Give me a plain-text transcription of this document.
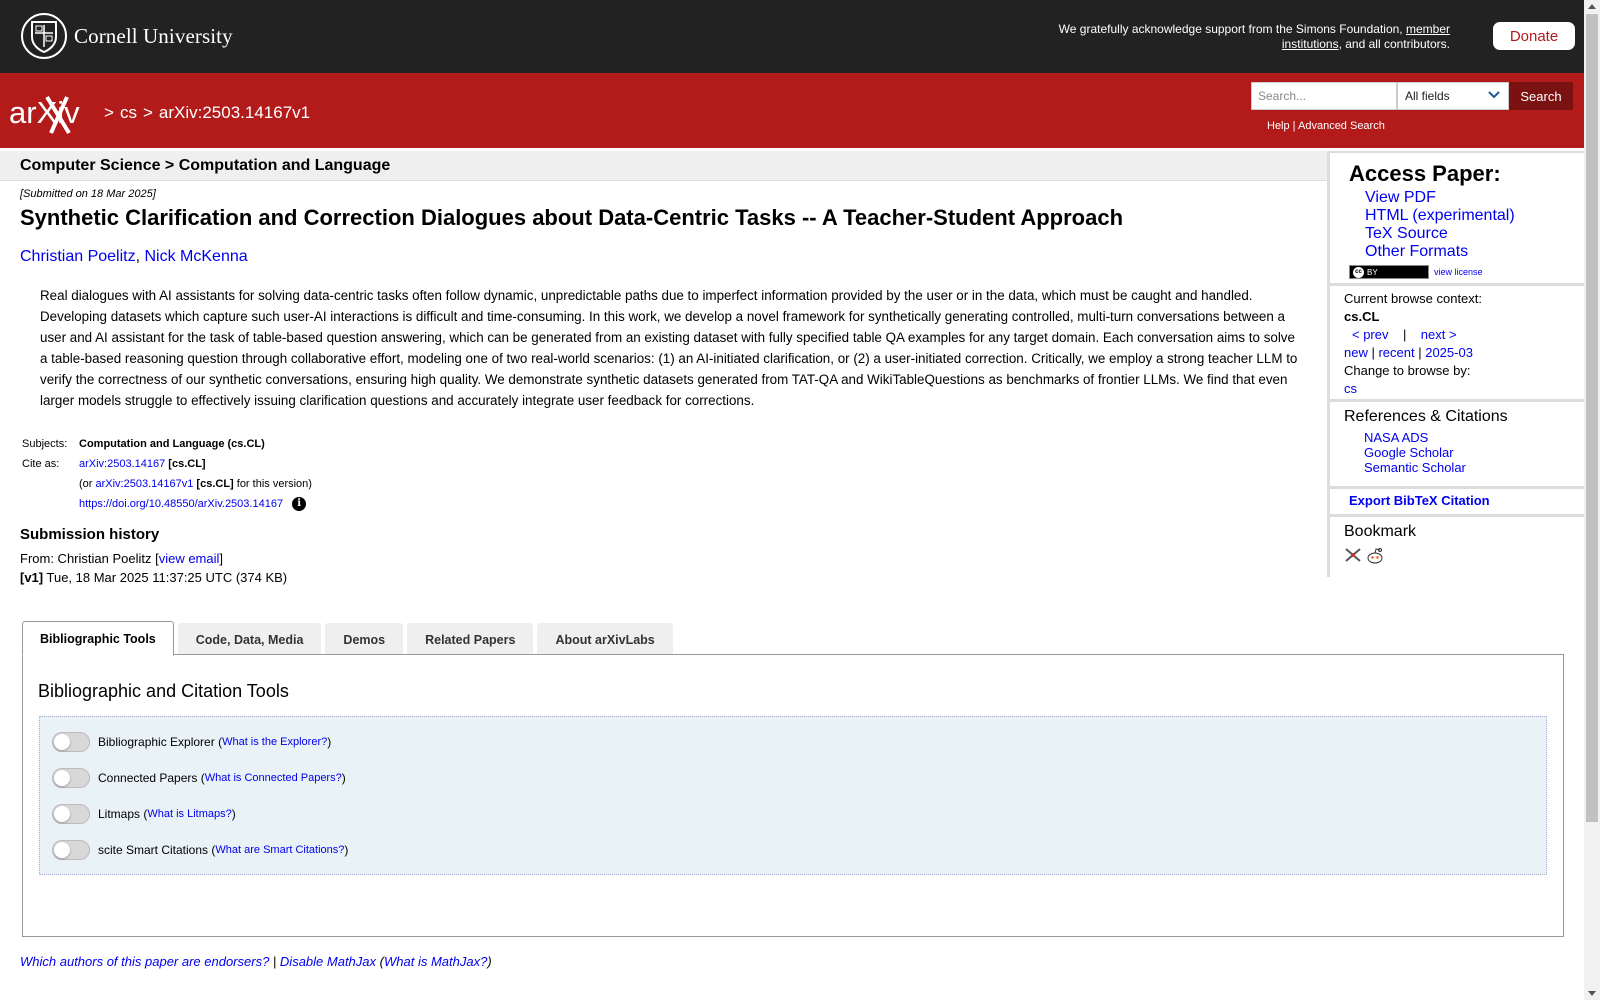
Cornell University	We gratefully acknowledge support from the Simons Foundation, member institutions, and all contributors.	Donate
arXiv > cs > arXiv:2503.14167v1
Search...
All fields	Search
Help | Advanced Search
Computer Science > Computation and Language
[Submitted on 18 Mar 2025]
Synthetic Clarification and Correction Dialogues about Data-Centric Tasks -- A Teacher-Student Approach
Christian Poelitz, Nick McKenna
Real dialogues with AI assistants for solving data-centric tasks often follow dynamic, unpredictable paths due to imperfect information provided by the user or in the data, which must be caught and handled. Developing datasets which capture such user-AI interactions is difficult and time-consuming. In this work, we develop a novel framework for synthetically generating controlled, multi-turn conversations between a user and AI assistant for the task of table-based question answering, which can be generated from an existing dataset with fully specified table QA examples for any target domain. Each conversation aims to solve a table-based reasoning question through collaborative effort, modeling one of two real-world scenarios: (1) an AI-initiated clarification, or (2) a user-initiated correction. Critically, we employ a strong teacher LLM to verify the correctness of our synthetic conversations, ensuring high quality. We demonstrate synthetic datasets generated from TAT-QA and WikiTableQuestions as benchmarks of frontier LLMs. We find that even larger models struggle to effectively issuing clarification questions and accurately integrate user feedback for corrections.
Subjects:	Computation and Language (cs.CL)
Cite as:	arXiv:2503.14167 [cs.CL]
	(or arXiv:2503.14167v1 [cs.CL] for this version)
	https://doi.org/10.48550/arXiv.2503.14167 i
Submission history
From: Christian Poelitz [view email]
[v1] Tue, 18 Mar 2025 11:37:25 UTC (374 KB)
Access Paper:
View PDF
HTML (experimental)
TeX Source
Other Formats
cc BY	view license
Current browse context:
cs.CL
< prev | next >
new | recent | 2025-03
Change to browse by:
cs
References & Citations
NASA ADS
Google Scholar
Semantic Scholar
Export BibTeX Citation
Bookmark
Bibliographic Tools	Code, Data, Media	Demos	Related Papers	About arXivLabs
Bibliographic and Citation Tools
Bibliographic Explorer ( What is the Explorer? )
Connected Papers ( What is Connected Papers? )
Litmaps ( What is Litmaps? )
scite Smart Citations ( What are Smart Citations? )
Which authors of this paper are endorsers? | Disable MathJax (What is MathJax?)
